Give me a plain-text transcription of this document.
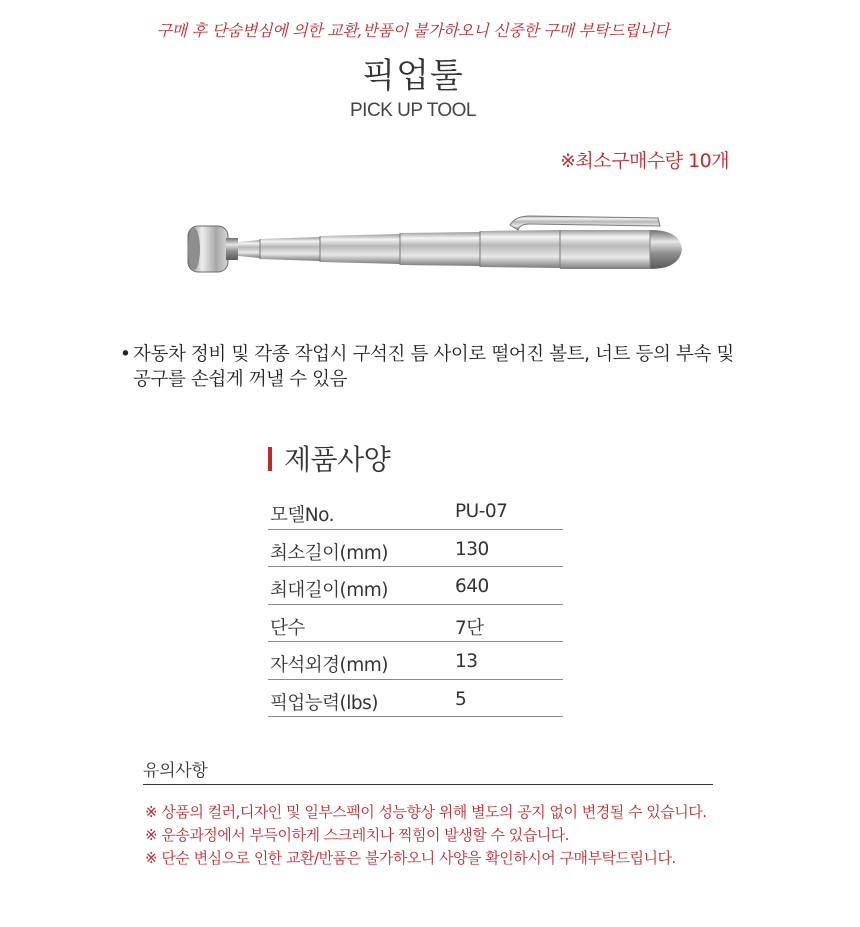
구매 후 단숨변심에 의한 교환,반품이 불가하오니 신중한 구매 부탁드립니다
픽업툴
PICK UP TOOL
※최소구매수량 10개
• 자동차 정비 및 각종 작업시 구석진 틈 사이로 떨어진 볼트, 너트 등의 부속 및
공구를 손쉽게 꺼낼 수 있음
제품사양
모델No.	PU-07
최소길이(mm)	130
최대길이(mm)	640
단수	7단
자석외경(mm)	13
픽업능력(lbs)	5
유의사항
※ 상품의 컬러,디자인 및 일부스펙이 성능향상 위해 별도의 공지 없이 변경될 수 있습니다.
※ 운송과정에서 부득이하게 스크레치나 찍힘이 발생할 수 있습니다.
※ 단순 변심으로 인한 교환/반품은 불가하오니 사양을 확인하시어 구매부탁드립니다.
